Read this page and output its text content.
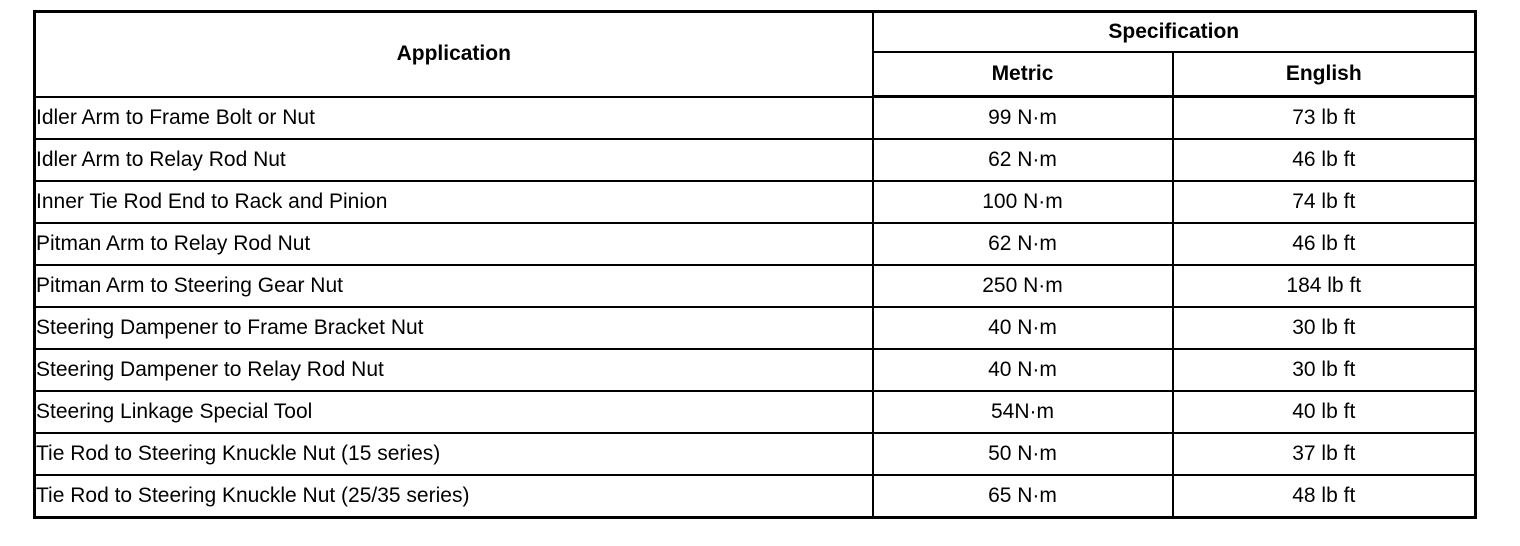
Application	Specification	
	Metric	English
Idler Arm to Frame Bolt or Nut	99 N·m	73 lb ft
Idler Arm to Relay Rod Nut	62 N·m	46 lb ft
Inner Tie Rod End to Rack and Pinion	100 N·m	74 lb ft
Pitman Arm to Relay Rod Nut	62 N·m	46 lb ft
Pitman Arm to Steering Gear Nut	250 N·m	184 lb ft
Steering Dampener to Frame Bracket Nut	40 N·m	30 lb ft
Steering Dampener to Relay Rod Nut	40 N·m	30 lb ft
Steering Linkage Special Tool	54N·m	40 lb ft
Tie Rod to Steering Knuckle Nut (15 series)	50 N·m	37 lb ft
Tie Rod to Steering Knuckle Nut (25/35 series)	65 N·m	48 lb ft
